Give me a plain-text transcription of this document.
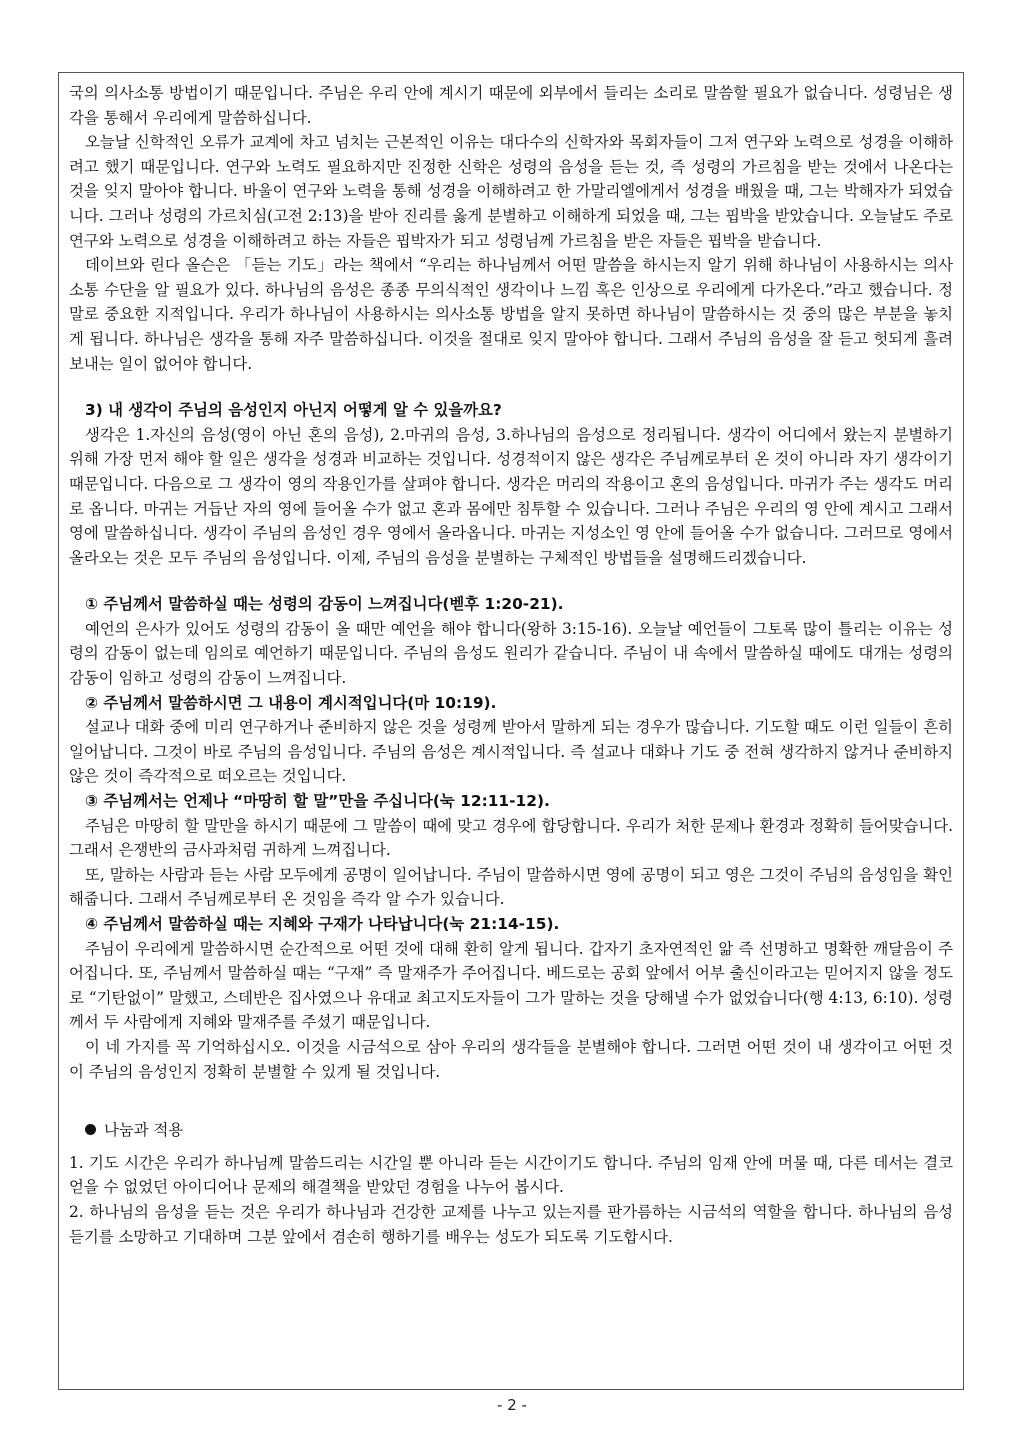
국의 의사소통 방법이기 때문입니다. 주님은 우리 안에 계시기 때문에 외부에서 들리는 소리로 말씀할 필요가 없습니다. 성령님은 생각을 통해서 우리에게 말씀하십니다.

오늘날 신학적인 오류가 교계에 차고 넘치는 근본적인 이유는 대다수의 신학자와 목회자들이 그저 연구와 노력으로 성경을 이해하려고 했기 때문입니다. 연구와 노력도 필요하지만 진정한 신학은 성령의 음성을 듣는 것, 즉 성령의 가르침을 받는 것에서 나온다는 것을 잊지 말아야 합니다. 바울이 연구와 노력을 통해 성경을 이해하려고 한 가말리엘에게서 성경을 배웠을 때, 그는 박해자가 되었습니다. 그러나 성령의 가르치심(고전 2:13)을 받아 진리를 옳게 분별하고 이해하게 되었을 때, 그는 핍박을 받았습니다. 오늘날도 주로 연구와 노력으로 성경을 이해하려고 하는 자들은 핍박자가 되고 성령님께 가르침을 받은 자들은 핍박을 받습니다.

데이브와 린다 올슨은 「듣는 기도」라는 책에서 “우리는 하나님께서 어떤 말씀을 하시는지 알기 위해 하나님이 사용하시는 의사소통 수단을 알 필요가 있다. 하나님의 음성은 종종 무의식적인 생각이나 느낌 혹은 인상으로 우리에게 다가온다.”라고 했습니다. 정말로 중요한 지적입니다. 우리가 하나님이 사용하시는 의사소통 방법을 알지 못하면 하나님이 말씀하시는 것 중의 많은 부분을 놓치게 됩니다. 하나님은 생각을 통해 자주 말씀하십니다. 이것을 절대로 잊지 말아야 합니다. 그래서 주님의 음성을 잘 듣고 헛되게 흘려보내는 일이 없어야 합니다.

3) 내 생각이 주님의 음성인지 아닌지 어떻게 알 수 있을까요?

생각은 1.자신의 음성(영이 아닌 혼의 음성), 2.마귀의 음성, 3.하나님의 음성으로 정리됩니다. 생각이 어디에서 왔는지 분별하기 위해 가장 먼저 해야 할 일은 생각을 성경과 비교하는 것입니다. 성경적이지 않은 생각은 주님께로부터 온 것이 아니라 자기 생각이기 때문입니다. 다음으로 그 생각이 영의 작용인가를 살펴야 합니다. 생각은 머리의 작용이고 혼의 음성입니다. 마귀가 주는 생각도 머리로 옵니다. 마귀는 거듭난 자의 영에 들어올 수가 없고 혼과 몸에만 침투할 수 있습니다. 그러나 주님은 우리의 영 안에 계시고 그래서 영에 말씀하십니다. 생각이 주님의 음성인 경우 영에서 올라옵니다. 마귀는 지성소인 영 안에 들어올 수가 없습니다. 그러므로 영에서 올라오는 것은 모두 주님의 음성입니다. 이제, 주님의 음성을 분별하는 구체적인 방법들을 설명해드리겠습니다.

① 주님께서 말씀하실 때는 성령의 감동이 느껴집니다(벧후 1:20-21).

예언의 은사가 있어도 성령의 감동이 올 때만 예언을 해야 합니다(왕하 3:15-16). 오늘날 예언들이 그토록 많이 틀리는 이유는 성령의 감동이 없는데 임의로 예언하기 때문입니다. 주님의 음성도 원리가 같습니다. 주님이 내 속에서 말씀하실 때에도 대개는 성령의 감동이 임하고 성령의 감동이 느껴집니다.

② 주님께서 말씀하시면 그 내용이 계시적입니다(마 10:19).

설교나 대화 중에 미리 연구하거나 준비하지 않은 것을 성령께 받아서 말하게 되는 경우가 많습니다. 기도할 때도 이런 일들이 흔히 일어납니다. 그것이 바로 주님의 음성입니다. 주님의 음성은 계시적입니다. 즉 설교나 대화나 기도 중 전혀 생각하지 않거나 준비하지 않은 것이 즉각적으로 떠오르는 것입니다.

③ 주님께서는 언제나 “마땅히 할 말”만을 주십니다(눅 12:11-12).

주님은 마땅히 할 말만을 하시기 때문에 그 말씀이 때에 맞고 경우에 합당합니다. 우리가 처한 문제나 환경과 정확히 들어맞습니다. 그래서 은쟁반의 금사과처럼 귀하게 느껴집니다.

또, 말하는 사람과 듣는 사람 모두에게 공명이 일어납니다. 주님이 말씀하시면 영에 공명이 되고 영은 그것이 주님의 음성임을 확인해줍니다. 그래서 주님께로부터 온 것임을 즉각 알 수가 있습니다.

④ 주님께서 말씀하실 때는 지혜와 구재가 나타납니다(눅 21:14-15).

주님이 우리에게 말씀하시면 순간적으로 어떤 것에 대해 환히 알게 됩니다. 갑자기 초자연적인 앎 즉 선명하고 명확한 깨달음이 주어집니다. 또, 주님께서 말씀하실 때는 “구재” 즉 말재주가 주어집니다. 베드로는 공회 앞에서 어부 출신이라고는 믿어지지 않을 정도로 “기탄없이” 말했고, 스데반은 집사였으나 유대교 최고지도자들이 그가 말하는 것을 당해낼 수가 없었습니다(행 4:13, 6:10). 성령께서 두 사람에게 지혜와 말재주를 주셨기 때문입니다.

이 네 가지를 꼭 기억하십시오. 이것을 시금석으로 삼아 우리의 생각들을 분별해야 합니다. 그러면 어떤 것이 내 생각이고 어떤 것이 주님의 음성인지 정확히 분별할 수 있게 될 것입니다.

나눔과 적용

1. 기도 시간은 우리가 하나님께 말씀드리는 시간일 뿐 아니라 듣는 시간이기도 합니다. 주님의 임재 안에 머물 때, 다른 데서는 결코 얻을 수 없었던 아이디어나 문제의 해결책을 받았던 경험을 나누어 봅시다.

2. 하나님의 음성을 듣는 것은 우리가 하나님과 건강한 교제를 나누고 있는지를 판가름하는 시금석의 역할을 합니다. 하나님의 음성 듣기를 소망하고 기대하며 그분 앞에서 겸손히 행하기를 배우는 성도가 되도록 기도합시다.

- 2 -
